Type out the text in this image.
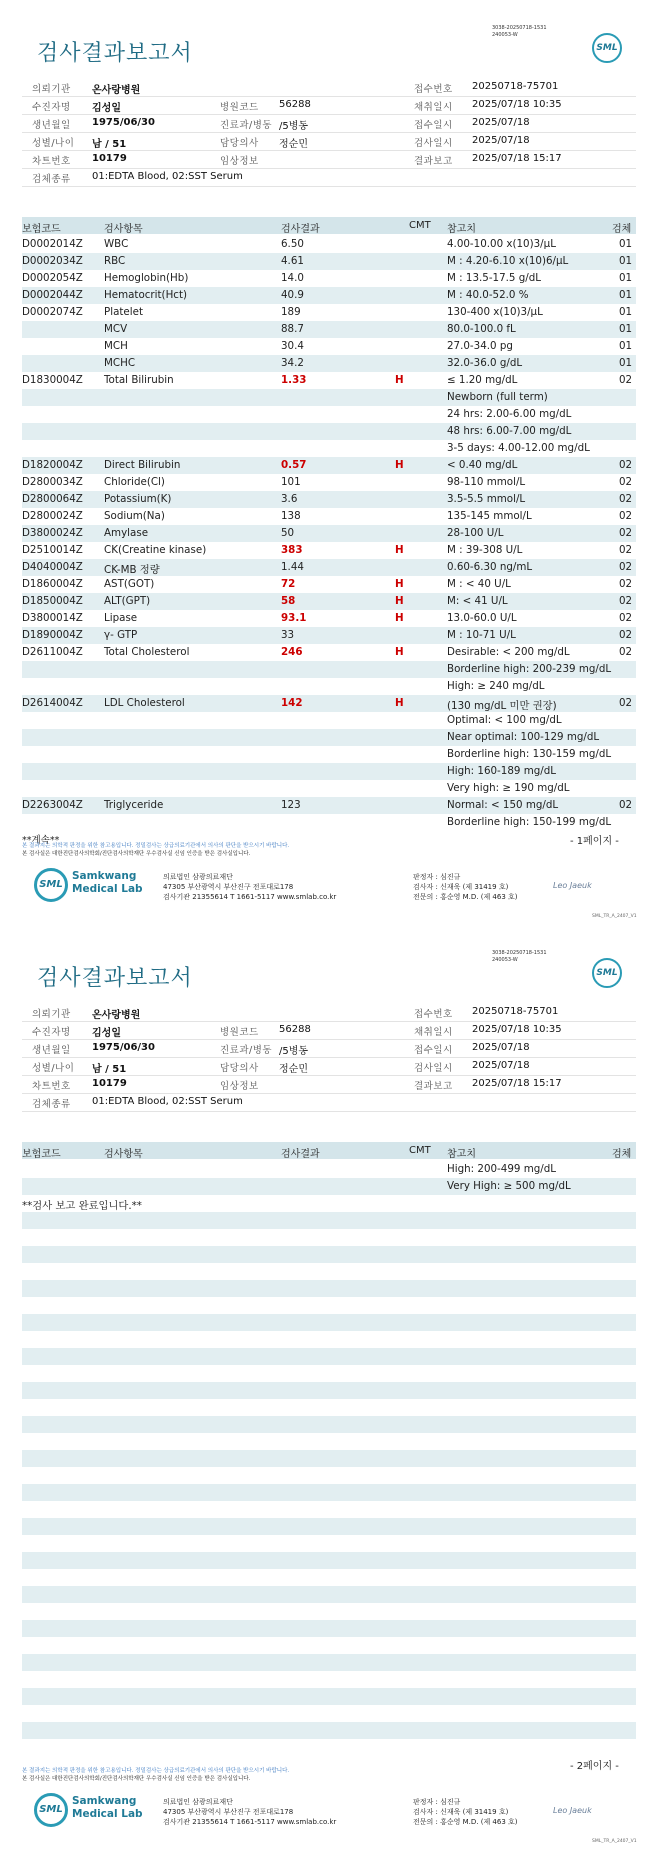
3038-20250718-1531
240053-W
검사결과보고서	SML
의뢰기관 온사랑병원	접수번호 20250718-75701
수진자명 김성일	병원코드 56288	채취일시 2025/07/18 10:35
생년월일 1975/06/30	진료과/병동 /5병동	접수일시 2025/07/18
성별/나이 남 / 51	담당의사 정순민	검사일시 2025/07/18
차트번호 10179	임상정보	결과보고 2025/07/18 15:17
검체종류 01:EDTA Blood, 02:SST Serum
보험코드	검사항목	검사결과	CMT 참고치	검체
D0002014Z WBC	6.50	4.00-10.00 x(10)3/μL	01
D0002034Z RBC	4.61	M : 4.20-6.10 x(10)6/μL	01
D0002054Z Hemoglobin(Hb)	14.0	M : 13.5-17.5 g/dL	01
D0002044Z Hematocrit(Hct)	40.9	M : 40.0-52.0 %	01
D0002074Z Platelet	189	130-400 x(10)3/μL	01
MCV	88.7	80.0-100.0 fL	01
MCH	30.4	27.0-34.0 pg	01
MCHC	34.2	32.0-36.0 g/dL	01
D1830004Z Total Bilirubin	1.33	H	≤ 1.20 mg/dL	02
Newborn (full term)
24 hrs: 2.00-6.00 mg/dL
48 hrs: 6.00-7.00 mg/dL
3-5 days: 4.00-12.00 mg/dL
D1820004Z Direct Bilirubin	0.57	H	< 0.40 mg/dL	02
D2800034Z Chloride(Cl)	101	98-110 mmol/L	02
D2800064Z Potassium(K)	3.6	3.5-5.5 mmol/L	02
D2800024Z Sodium(Na)	138	135-145 mmol/L	02
D3800024Z Amylase	50	28-100 U/L	02
D2510014Z CK(Creatine kinase)	383	H	M : 39-308 U/L	02
D4040004Z CK-MB 정량	1.44	0.60-6.30 ng/mL	02
D1860004Z AST(GOT)	72	H	M : < 40 U/L	02
D1850004Z ALT(GPT)	58	H	M: < 41 U/L	02
D3800014Z Lipase	93.1	H	13.0-60.0 U/L	02
D1890004Z γ- GTP	33	M : 10-71 U/L	02
D2611004Z Total Cholesterol	246	H	Desirable: < 200 mg/dL	02
Borderline high: 200-239 mg/dL
High: ≥ 240 mg/dL
D2614004Z LDL Cholesterol	142	H	(130 mg/dL 미만 권장)	02
Optimal: < 100 mg/dL
Near optimal: 100-129 mg/dL
Borderline high: 130-159 mg/dL
High: 160-189 mg/dL
Very high: ≥ 190 mg/dL
D2263004Z Triglyceride	123	Normal: < 150 mg/dL	02
Borderline high: 150-199 mg/dL
**계속**	- 1페이지 -
본 결과지는 의학적 판정을 위한 참고용입니다. 정밀검사는 상급의료기관에서 의사의 판단을 받으시기 바랍니다.
본 검사실은 대한진단검사의학회/진단검사의학재단 우수검사실 신임 인증을 받은 검사실입니다.
SML
Samkwang
Medical Lab
의료법인 삼광의료재단
47305 부산광역시 부산진구 전포대로178
검사기관 21355614 T 1661-5117 www.smlab.co.kr
판정자 : 심진규
검사자 : 신재욱 (제 31419 호)
전문의 : 홍순영 M.D. (제 463 호)
Leo Jaeuk
SML_TR_A_2407_V1
3038-20250718-1531
240053-W
검사결과보고서	SML
의뢰기관 온사랑병원	접수번호 20250718-75701
수진자명 김성일	병원코드 56288	채취일시 2025/07/18 10:35
생년월일 1975/06/30	진료과/병동 /5병동	접수일시 2025/07/18
성별/나이 남 / 51	담당의사 정순민	검사일시 2025/07/18
차트번호 10179	임상정보	결과보고 2025/07/18 15:17
검체종류 01:EDTA Blood, 02:SST Serum
보험코드	검사항목	검사결과	CMT 참고치	검체
High: 200-499 mg/dL
Very High: ≥ 500 mg/dL
**검사 보고 완료입니다.**
- 2페이지 -
본 결과지는 의학적 판정을 위한 참고용입니다. 정밀검사는 상급의료기관에서 의사의 판단을 받으시기 바랍니다.
본 검사실은 대한진단검사의학회/진단검사의학재단 우수검사실 신임 인증을 받은 검사실입니다.
SML
Samkwang
Medical Lab
의료법인 삼광의료재단
47305 부산광역시 부산진구 전포대로178
검사기관 21355614 T 1661-5117 www.smlab.co.kr
판정자 : 심진규
검사자 : 신재욱 (제 31419 호)
전문의 : 홍순영 M.D. (제 463 호)
Leo Jaeuk
SML_TR_A_2407_V1
